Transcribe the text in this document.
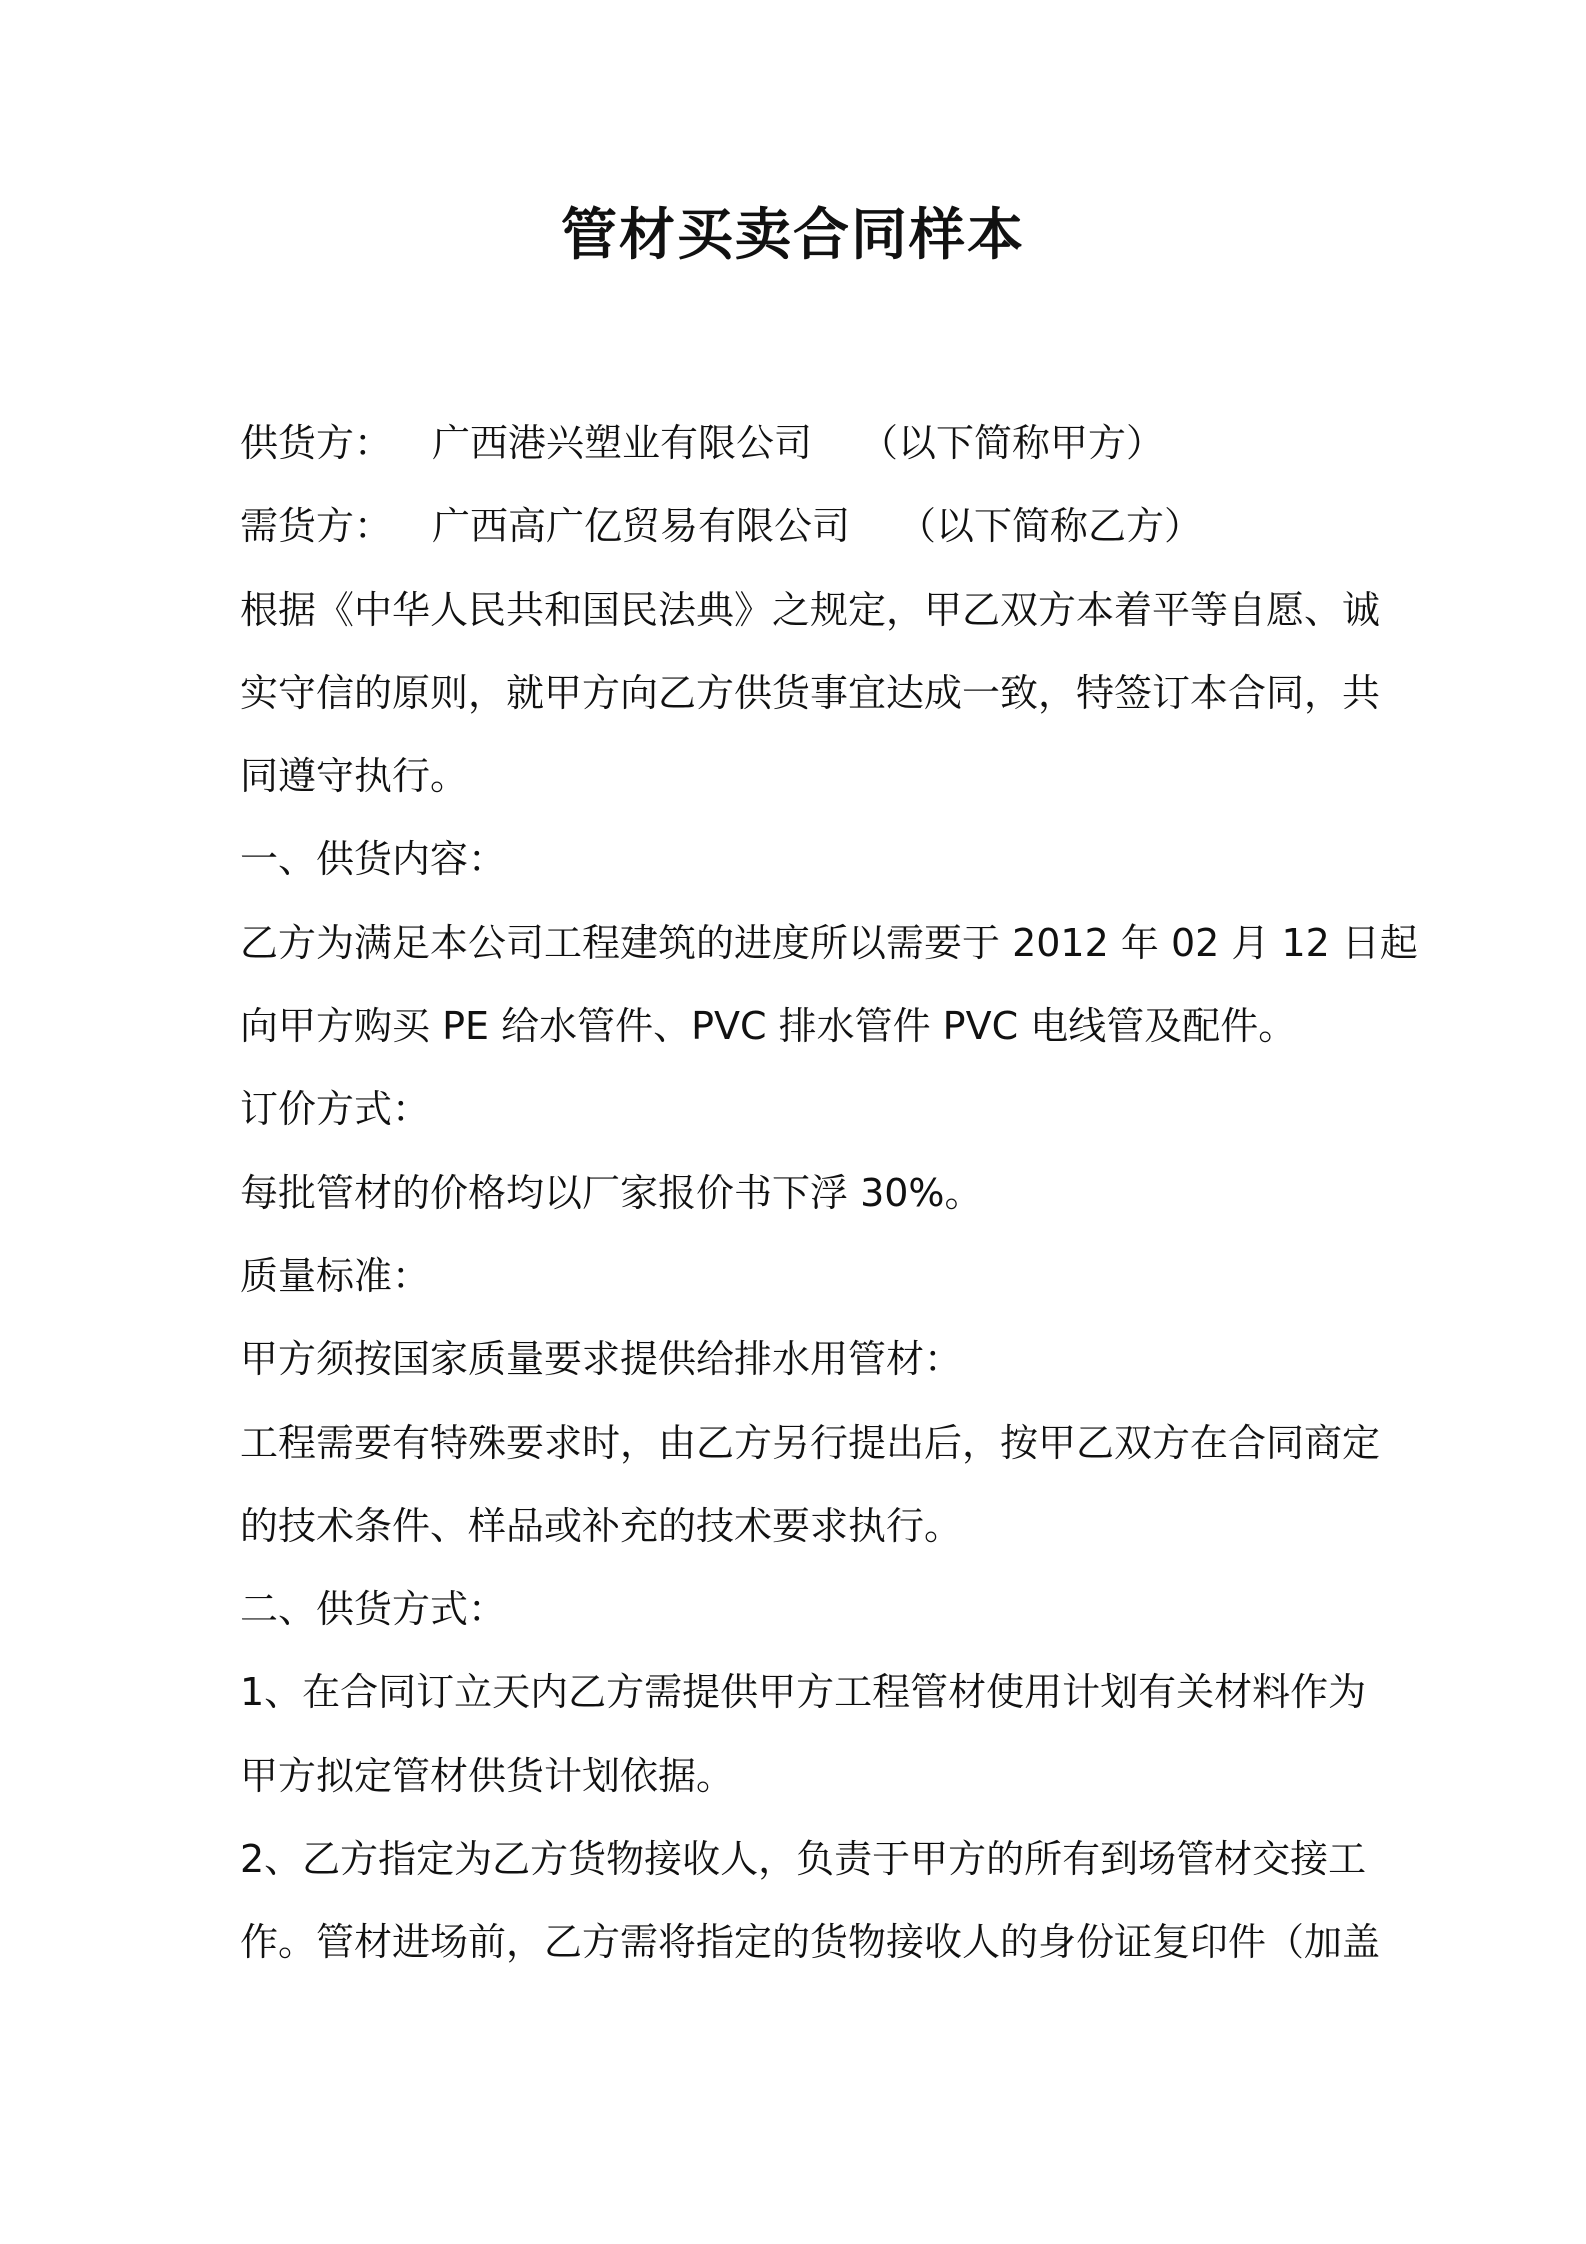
管材买卖合同样本
供货方： 广西港兴塑业有限公司 （以下简称甲方）
需货方： 广西高广亿贸易有限公司 （以下简称乙方）
根据《中华人民共和国民法典》之规定，甲乙双方本着平等自愿、诚
实守信的原则，就甲方向乙方供货事宜达成一致，特签订本合同，共
同遵守执行。
一、供货内容：
乙方为满足本公司工程建筑的进度所以需要于 2012 年 02 月 12 日起
向甲方购买 PE 给水管件、PVC 排水管件 PVC 电线管及配件。
订价方式：
每批管材的价格均以厂家报价书下浮 30%。
质量标准：
甲方须按国家质量要求提供给排水用管材：
工程需要有特殊要求时，由乙方另行提出后，按甲乙双方在合同商定
的技术条件、样品或补充的技术要求执行。
二、供货方式：
1、在合同订立天内乙方需提供甲方工程管材使用计划有关材料作为
甲方拟定管材供货计划依据。
2、乙方指定为乙方货物接收人，负责于甲方的所有到场管材交接工
作。管材进场前，乙方需将指定的货物接收人的身份证复印件（加盖
